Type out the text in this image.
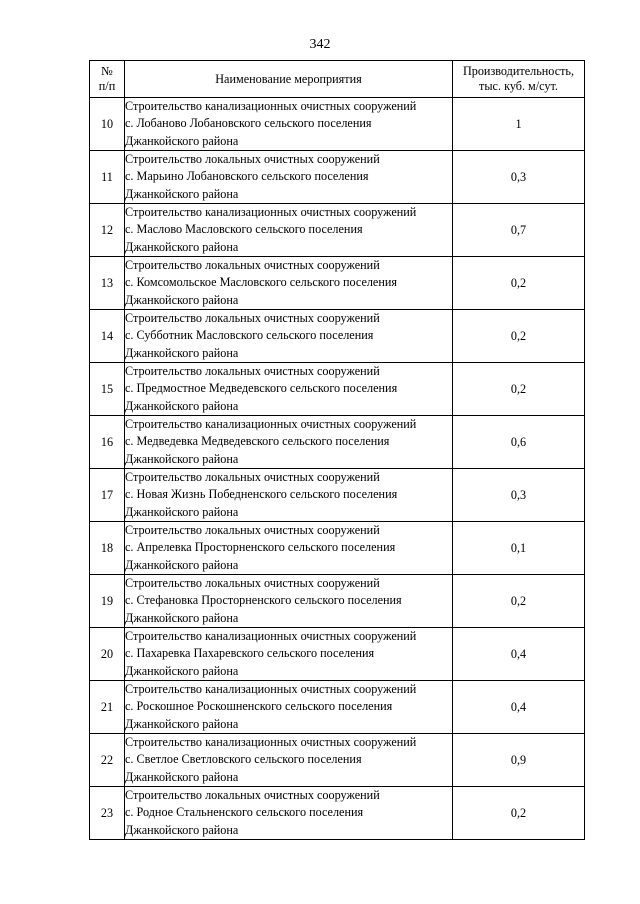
342
№
п/п	Наименование мероприятия	Производительность,
тыс. куб. м/сут.

10	Строительство канализационных очистных сооружений
с. Лобаново Лобановского сельского поселения
Джанкойского района	1
11	Строительство локальных очистных сооружений
с. Марьино Лобановского сельского поселения
Джанкойского района	0,3
12	Строительство канализационных очистных сооружений
с. Маслово Масловского сельского поселения
Джанкойского района	0,7
13	Строительство локальных очистных сооружений
с. Комсомольское Масловского сельского поселения
Джанкойского района	0,2
14	Строительство локальных очистных сооружений
с. Субботник Масловского сельского поселения
Джанкойского района	0,2
15	Строительство локальных очистных сооружений
с. Предмостное Медведевского сельского поселения
Джанкойского района	0,2
16	Строительство канализационных очистных сооружений
с. Медведевка Медведевского сельского поселения
Джанкойского района	0,6
17	Строительство локальных очистных сооружений
с. Новая Жизнь Победненского сельского поселения
Джанкойского района	0,3
18	Строительство локальных очистных сооружений
с. Апрелевка Просторненского сельского поселения
Джанкойского района	0,1
19	Строительство локальных очистных сооружений
с. Стефановка Просторненского сельского поселения
Джанкойского района	0,2
20	Строительство канализационных очистных сооружений
с. Пахаревка Пахаревского сельского поселения
Джанкойского района	0,4
21	Строительство канализационных очистных сооружений
с. Роскошное Роскошненского сельского поселения
Джанкойского района	0,4
22	Строительство канализационных очистных сооружений
с. Светлое Светловского сельского поселения
Джанкойского района	0,9
23	Строительство локальных очистных сооружений
с. Родное Стальненского сельского поселения
Джанкойского района	0,2
